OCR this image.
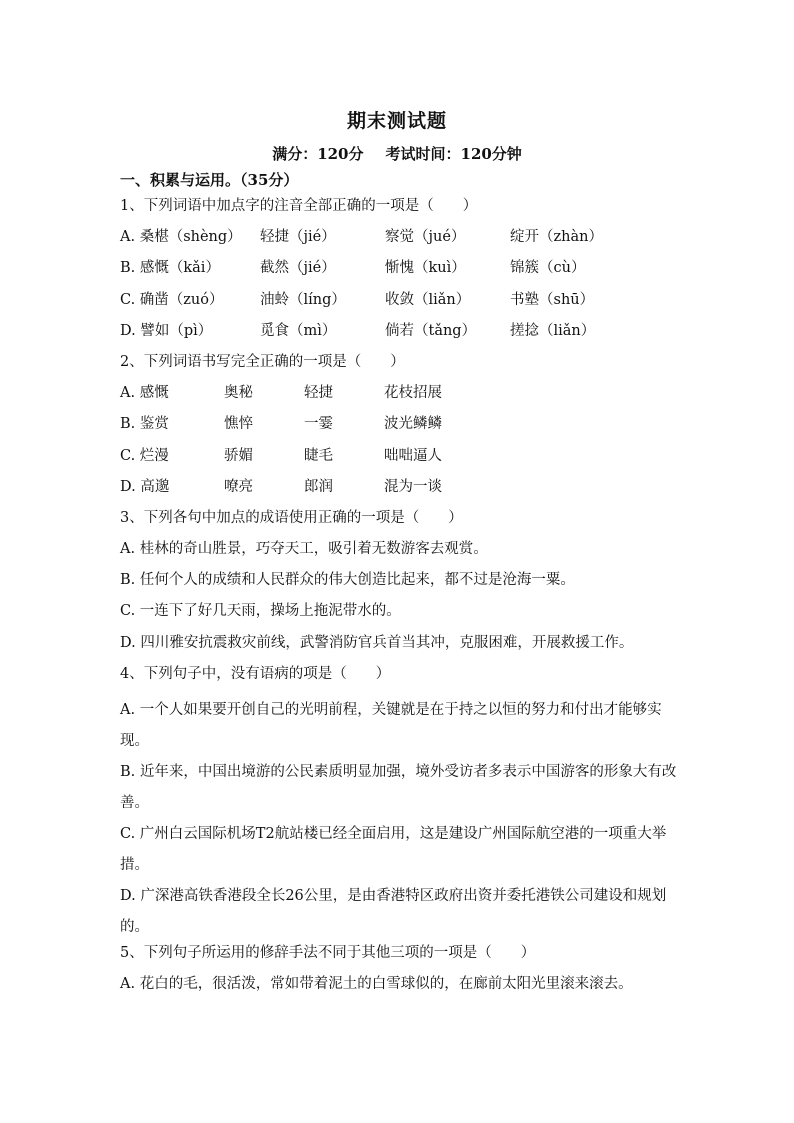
期末测试题
满分：120分 考试时间：120分钟
一、积累与运用。（35分）
1、下列词语中加点字的注音全部正确的一项是（　　）
A. 桑椹（shèng）	轻捷（jié）	察觉（jué）	绽开（zhàn）
B. 感慨（kǎi）	截然（jié）	惭愧（kuì）	锦簇（cù）
C. 确凿（zuó）	油蛉（líng）	收敛（liǎn）	书塾（shū）
D. 譬如（pì）	觅食（mì）	倘若（tǎng）	搓捻（liǎn）
2、下列词语书写完全正确的一项是（　　）
A. 感慨	奥秘	轻捷	花枝招展
B. 鉴赏	憔悴	一霎	波光鳞鳞
C. 烂漫	骄媚	睫毛	咄咄逼人
D. 高邈	嘹亮	郎润	混为一谈
3、下列各句中加点的成语使用正确的一项是（　　）
A. 桂林的奇山胜景，巧夺天工，吸引着无数游客去观赏。
B. 任何个人的成绩和人民群众的伟大创造比起来，都不过是沧海一粟。
C. 一连下了好几天雨，操场上拖泥带水的。
D. 四川雅安抗震救灾前线，武警消防官兵首当其冲，克服困难，开展救援工作。
4、下列句子中，没有语病的项是（　　）
A. 一个人如果要开创自己的光明前程，关键就是在于持之以恒的努力和付出才能够实现。
B. 近年来，中国出境游的公民素质明显加强，境外受访者多表示中国游客的形象大有改善。
C. 广州白云国际机场T2航站楼已经全面启用，这是建设广州国际航空港的一项重大举措。
D. 广深港高铁香港段全长26公里，是由香港特区政府出资并委托港铁公司建设和规划的。
5、下列句子所运用的修辞手法不同于其他三项的一项是（　　）
A. 花白的毛，很活泼，常如带着泥土的白雪球似的，在廊前太阳光里滚来滚去。
